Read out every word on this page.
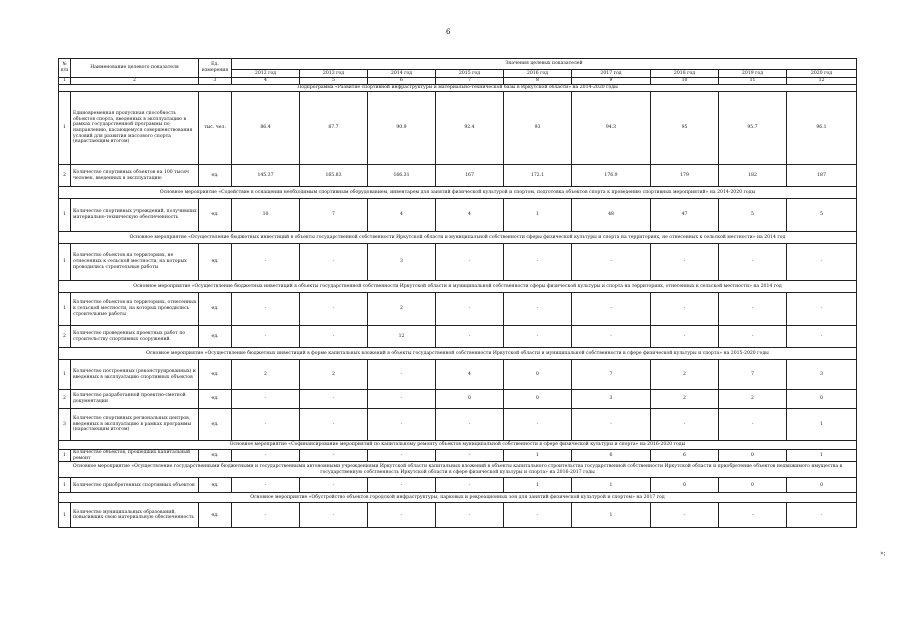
6
»;
№ п/п	Наименование целевого показателя	Ед. измерения	Значения целевых показателей								
			2012 год	2013 год	2014 год	2015 год	2016 год	2017 год	2018 год	2019 год	2020 год
1	2	3	4	5	6	7	8	9	10	11	12
Подпрограмма «Развитие спортивной инфраструктуры и материально-технической базы в Иркутской области» на 2014-2020 годы											
1	Единовременная пропускная способность объектов спорта, введенных в эксплуатацию в рамках государственной программы по направлению, касающемуся совершенствования условий для развития массового спорта (нарастающим итогом)	тыс. чел.	86.4	87.7	90.9	92.4	93	94.3	95	95.7	96.1
2	Количество спортивных объектов на 100 тысяч человек, введенных в эксплуатацию	ед.	145.37	165.83	166.31	167	172.1	176.9	179	182	187
Основное мероприятие «Содействие в оснащении необходимым спортивным оборудованием, инвентарем для занятий физической культурой и спортом, подготовка объектов спорта к проведению спортивных мероприятий» на 2014-2020 годы											
1	Количество спортивных учреждений, получивших материально-техническую обеспеченность	ед.	10	7	4	4	1	48	47	5	5
Основное мероприятие «Осуществление бюджетных инвестиций в объекты государственной собственности Иркутской области и муниципальной собственности сферы физической культуры и спорта на территориях, не отнесенных к сельской местности» на 2014 год											
1	Количество объектов на территориях, не отнесенных к сельской местности, на которых проводились строительные работы	ед.	-	-	3	-	-	-	-	-	-
Основное мероприятие «Осуществление бюджетных инвестиций в объекты государственной собственности Иркутской области и муниципальной собственности сферы физической культуры и спорта на территориях, отнесенных к сельской местности» на 2014 год											
1	Количество объектов на территориях, отнесенных к сельской местности, на которых проводились строительные работы	ед.	-	-	2	-	-	-	-	-	-
2	Количество проведенных проектных работ по строительству спортивных сооружений	ед.	-	-	12	-	-	-	-	-	-
Основное мероприятие «Осуществление бюджетных инвестиций в форме капитальных вложений в объекты государственной собственности Иркутской области и муниципальной собственности в сфере физической культуры и спорта» на 2015-2020 годы											
1	Количество построенных (реконструированных) и введенных в эксплуатацию спортивных объектов	ед.	2	2	-	4	0	7	2	7	3
2	Количество разработанной проектно-сметной документации	ед.	-	-	-	0	0	3	2	2	0
3	Количество спортивных региональных центров, введенных в эксплуатацию в рамках программы (нарастающим итогом)	ед.	-	-	-	-	-	-	-	-	1
Основное мероприятие «Софинансирование мероприятий по капитальному ремонту объектов муниципальной собственности в сфере физической культуры и спорта» на 2016-2020 годы											
1	Количество объектов, прошедших капитальный ремонт	ед.	-	-	-	-	1	6	6	0	1
Основное мероприятие «Осуществление государственными бюджетными и государственными автономными учреждениями Иркутской области капитальных вложений в объекты капитального строительства государственной собственности Иркутской области и приобретение объектов недвижимого имущества в государственную собственность Иркутской области в сфере физической культуры и спорта» на 2016-2017 годы											
1	Количество приобретенных спортивных объектов	ед.	-	-	-	-	1	1	0	0	0
Основное мероприятие «Обустройство объектов городской инфраструктуры, парковых и рекреационных зон для занятий физической культурой и спортом» на 2017 год											
1	Количество муниципальных образований, повысивших свою материальную обеспеченность	ед.	-	-	-	-	-	1	-	-	-
